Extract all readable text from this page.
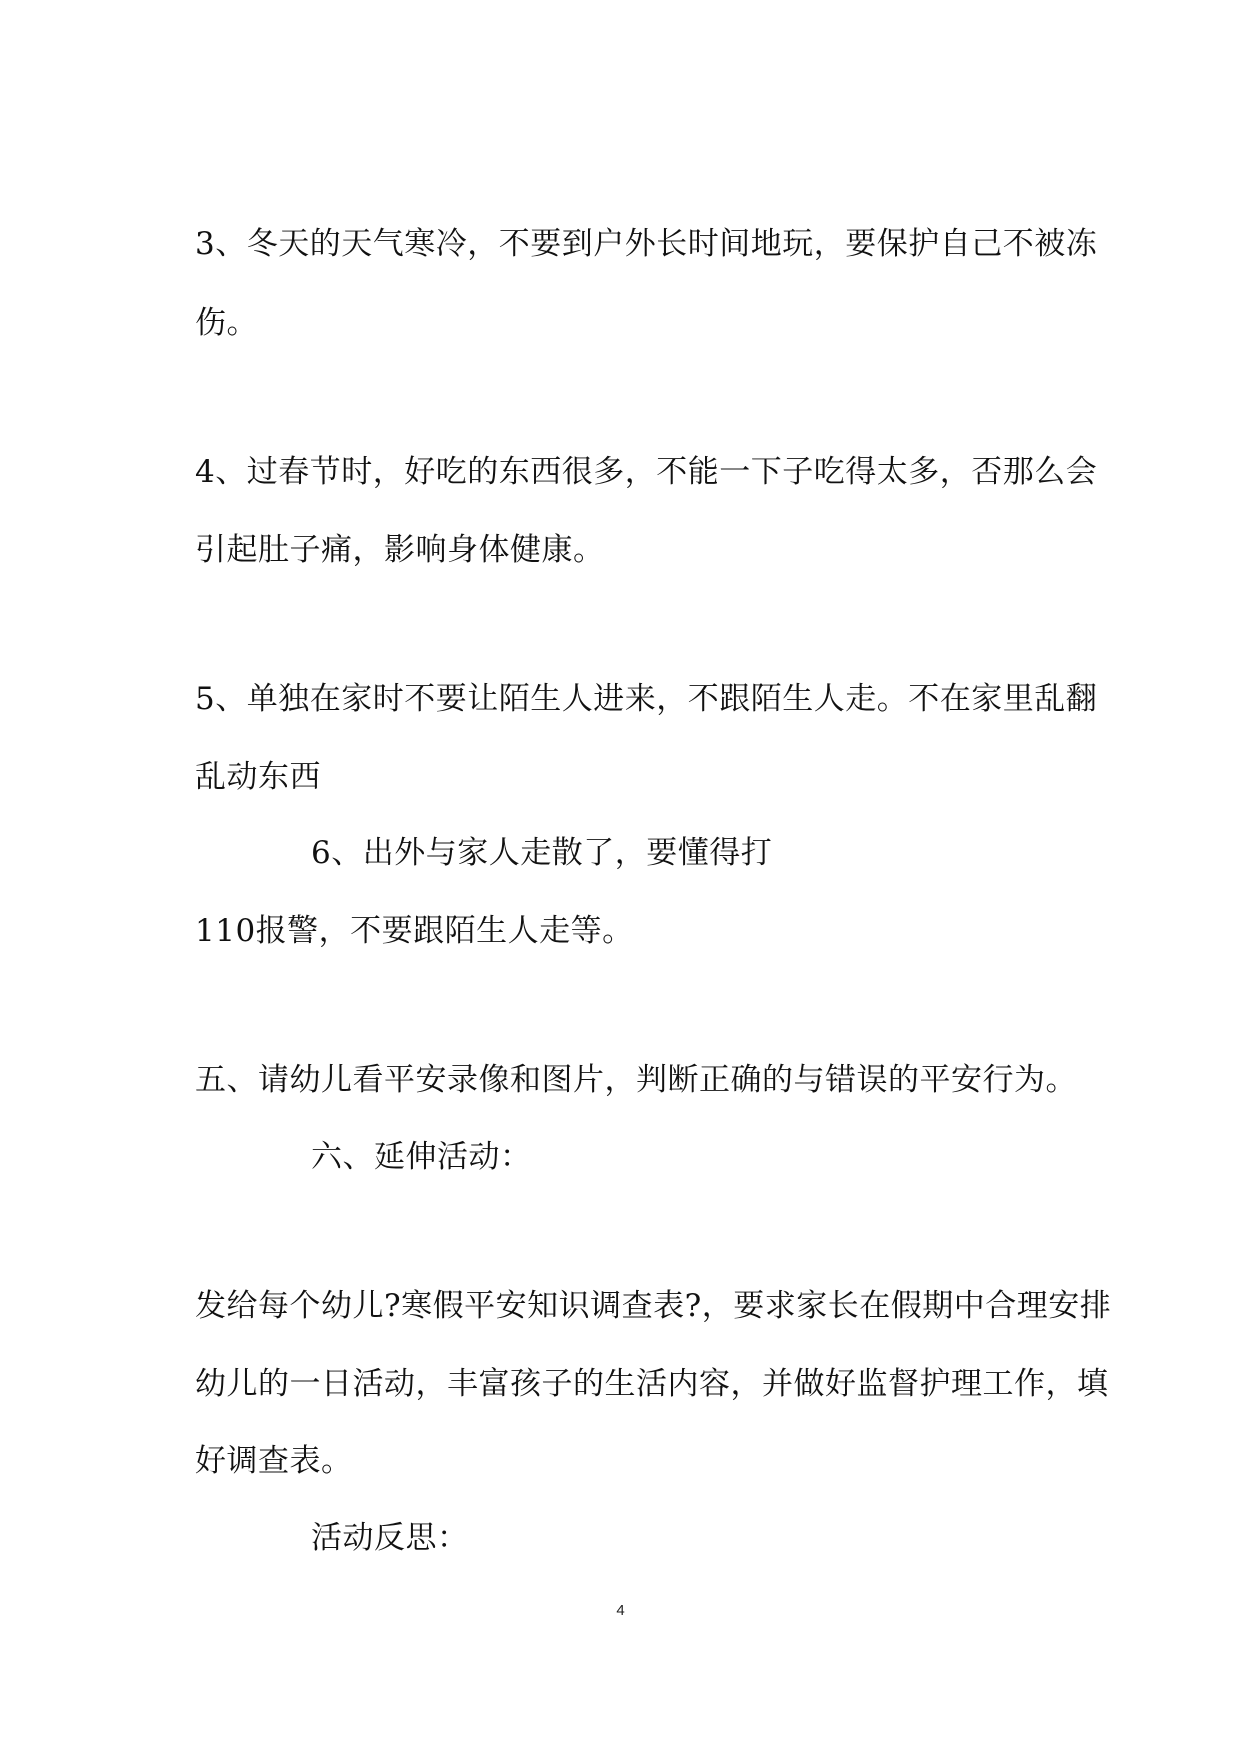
3、冬天的天气寒冷，不要到户外长时间地玩，要保护自己不被冻
伤。
4、过春节时，好吃的东西很多，不能一下子吃得太多，否那么会
引起肚子痛，影响身体健康。
5、单独在家时不要让陌生人进来，不跟陌生人走。不在家里乱翻
乱动东西
6、出外与家人走散了，要懂得打
110报警，不要跟陌生人走等。
五、请幼儿看平安录像和图片，判断正确的与错误的平安行为。
六、延伸活动：
发给每个幼儿?寒假平安知识调查表?，要求家长在假期中合理安排
幼儿的一日活动，丰富孩子的生活内容，并做好监督护理工作，填
好调查表。
活动反思：
4
